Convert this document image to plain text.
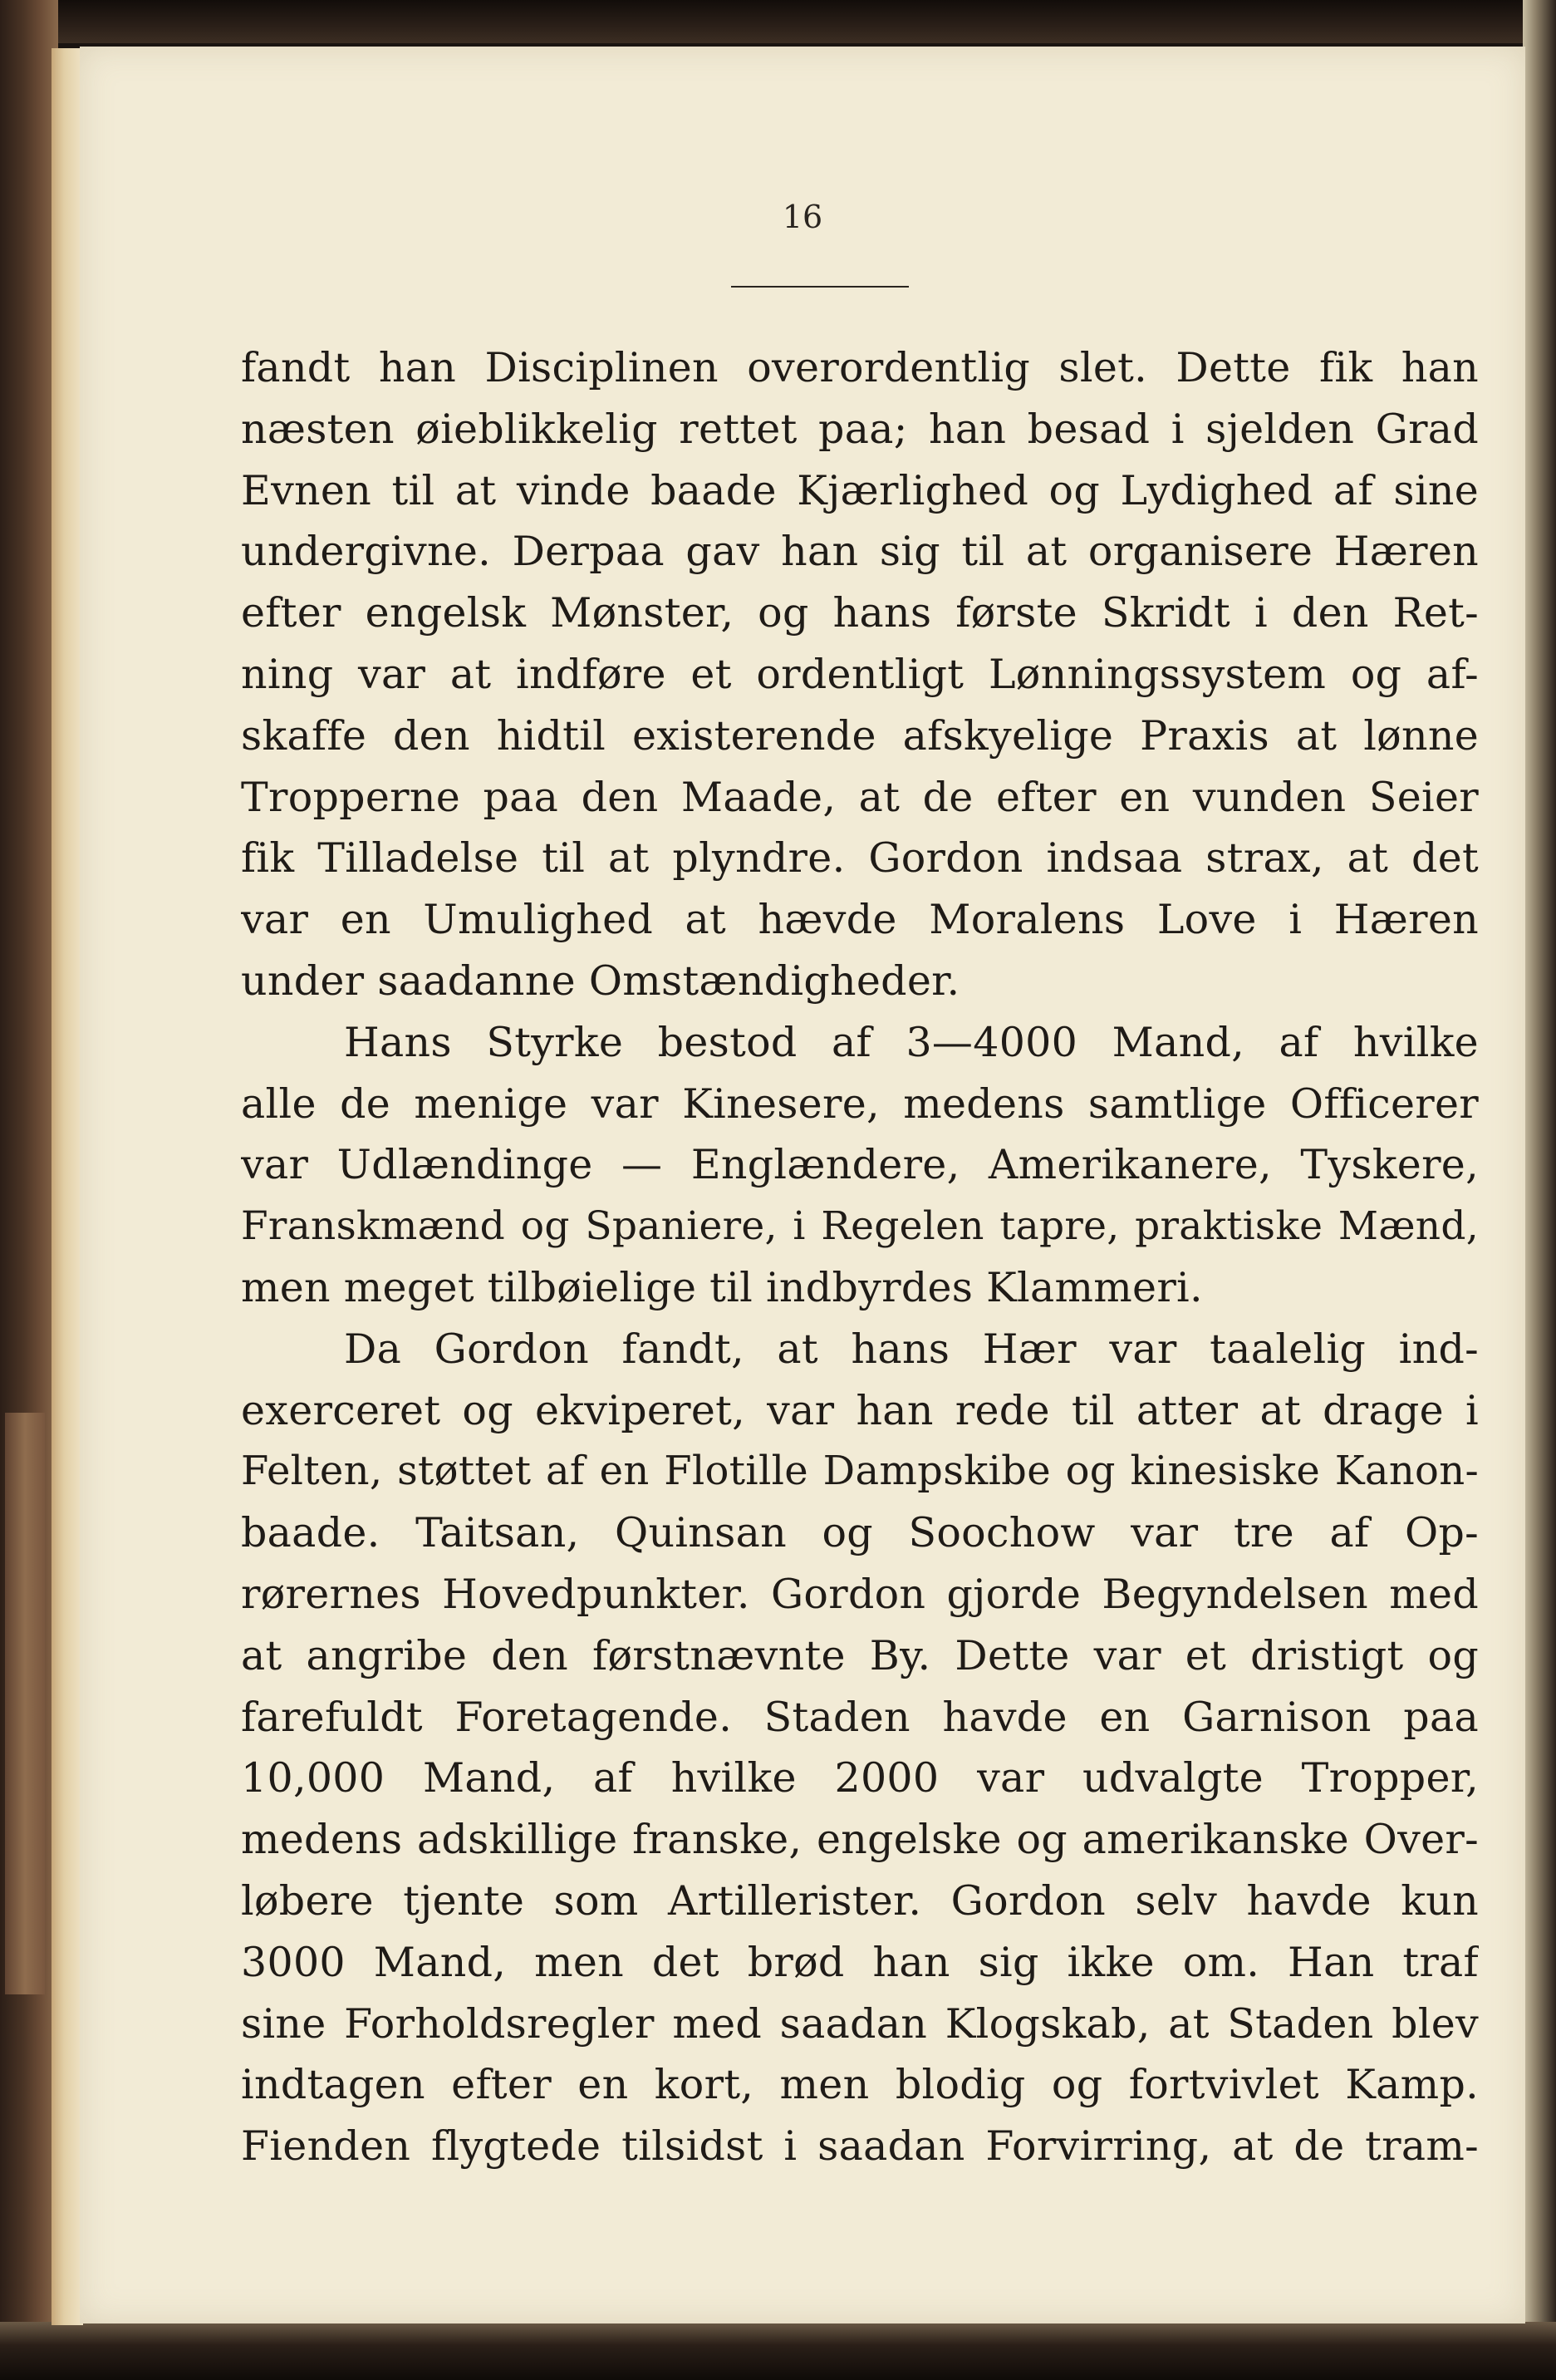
16
fandt han Disciplinen overordentlig slet. Dette fik han
næsten øieblikkelig rettet paa; han besad i sjelden Grad
Evnen til at vinde baade Kjærlighed og Lydighed af sine
undergivne. Derpaa gav han sig til at organisere Hæren
efter engelsk Mønster, og hans første Skridt i den Ret-
ning var at indføre et ordentligt Lønningssystem og af-
skaffe den hidtil existerende afskyelige Praxis at lønne
Tropperne paa den Maade, at de efter en vunden Seier
fik Tilladelse til at plyndre. Gordon indsaa strax, at det
var en Umulighed at hævde Moralens Love i Hæren
under saadanne Omstændigheder.
Hans Styrke bestod af 3—4000 Mand, af hvilke
alle de menige var Kinesere, medens samtlige Officerer
var Udlændinge — Englændere, Amerikanere, Tyskere,
Franskmænd og Spaniere, i Regelen tapre, praktiske Mænd,
men meget tilbøielige til indbyrdes Klammeri.
Da Gordon fandt, at hans Hær var taalelig ind-
exerceret og ekviperet, var han rede til atter at drage i
Felten, støttet af en Flotille Dampskibe og kinesiske Kanon-
baade. Taitsan, Quinsan og Soochow var tre af Op-
rørernes Hovedpunkter. Gordon gjorde Begyndelsen med
at angribe den førstnævnte By. Dette var et dristigt og
farefuldt Foretagende. Staden havde en Garnison paa
10,000 Mand, af hvilke 2000 var udvalgte Tropper,
medens adskillige franske, engelske og amerikanske Over-
løbere tjente som Artillerister. Gordon selv havde kun
3000 Mand, men det brød han sig ikke om. Han traf
sine Forholdsregler med saadan Klogskab, at Staden blev
indtagen efter en kort, men blodig og fortvivlet Kamp.
Fienden flygtede tilsidst i saadan Forvirring, at de tram-
